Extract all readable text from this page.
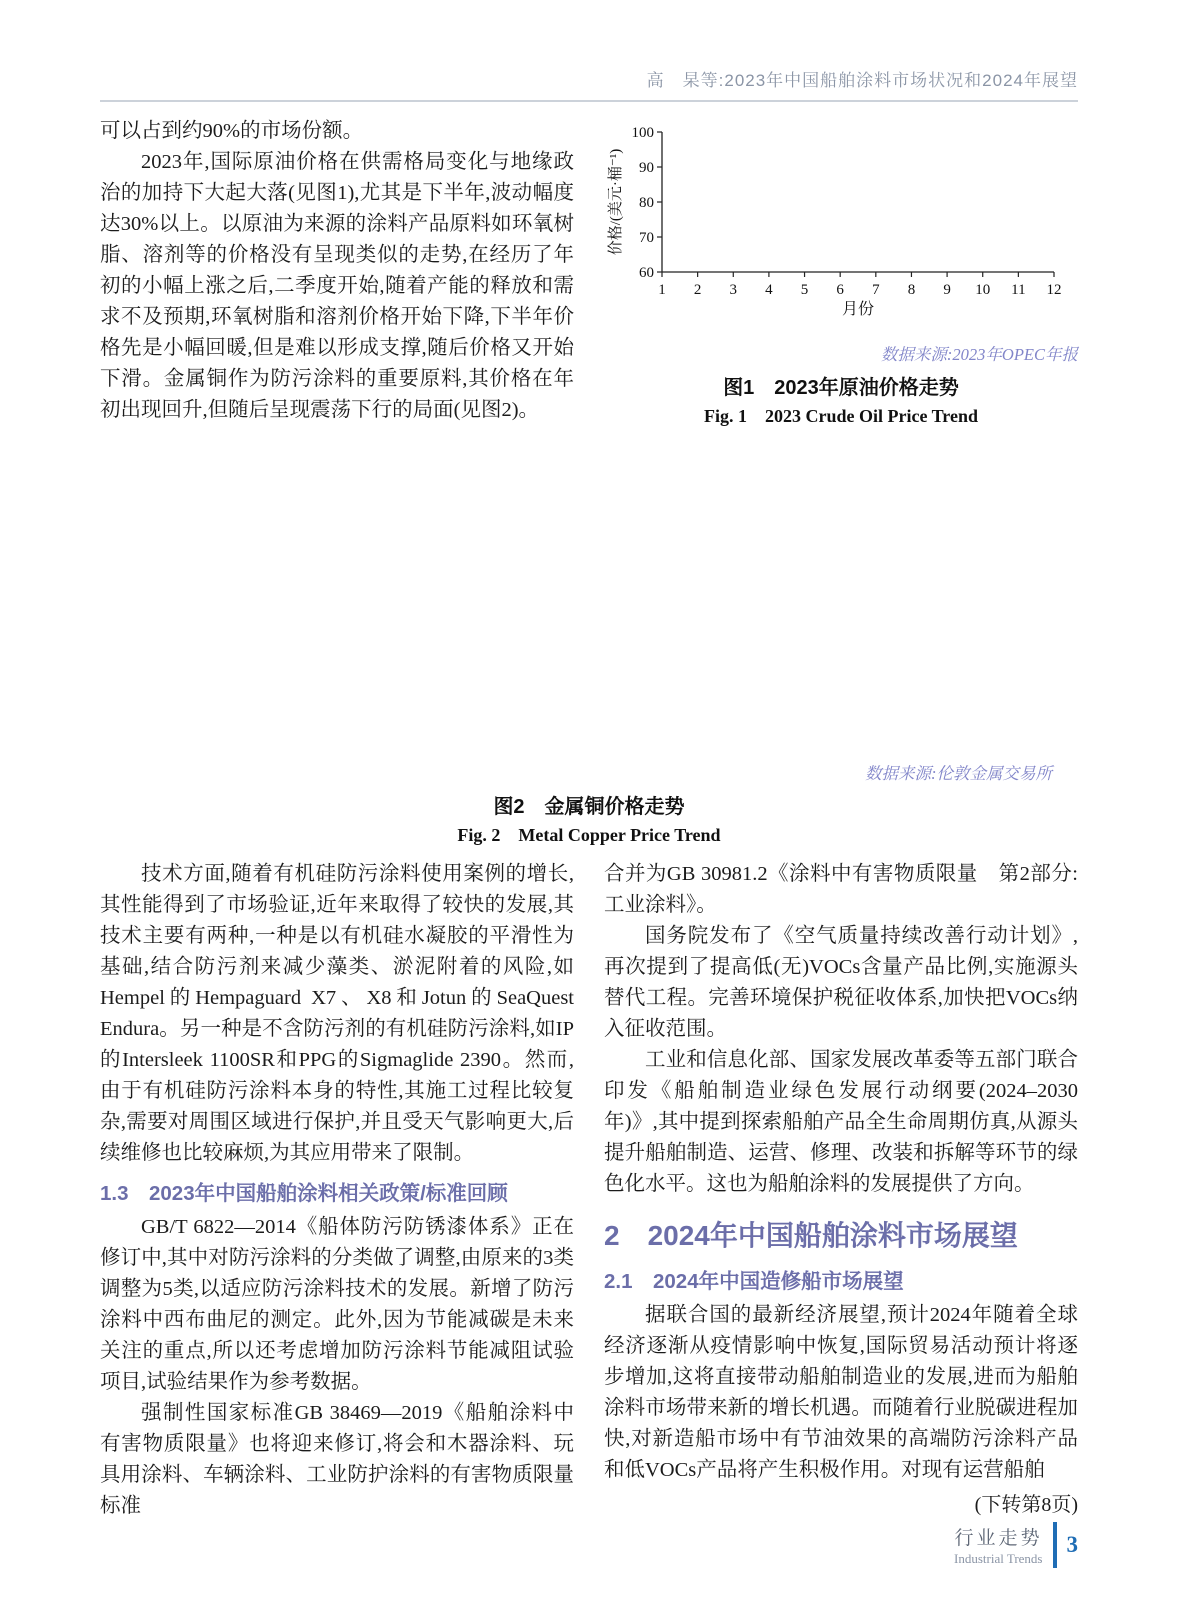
高　杲等:2023年中国船舶涂料市场状况和2024年展望

可以占到约90%的市场份额。

2023年,国际原油价格在供需格局变化与地缘政治的加持下大起大落(见图1),尤其是下半年,波动幅度达30%以上。以原油为来源的涂料产品原料如环氧树脂、溶剂等的价格没有呈现类似的走势,在经历了年初的小幅上涨之后,二季度开始,随着产能的释放和需求不及预期,环氧树脂和溶剂价格开始下降,下半年价格先是小幅回暖,但是难以形成支撑,随后价格又开始下滑。金属铜作为防污涂料的重要原料,其价格在年初出现回升,但随后呈现震荡下行的局面(见图2)。

60
70
80
90
100
1 2 3 4 5 6 7 8 9 10 11 12
月份
价格/(美元·桶⁻¹)
数据来源:2023年OPEC年报
图1　2023年原油价格走势
Fig. 1　2023 Crude Oil Price Trend
数据来源:伦敦金属交易所
图2　金属铜价格走势
Fig. 2　Metal Copper Price Trend

技术方面,随着有机硅防污涂料使用案例的增长,其性能得到了市场验证,近年来取得了较快的发展,其技术主要有两种,一种是以有机硅水凝胶的平滑性为基础,结合防污剂来减少藻类、淤泥附着的风险,如Hempel的Hempaguard X7、X8和Jotun的SeaQuest Endura。另一种是不含防污剂的有机硅防污涂料,如IP的Intersleek 1100SR和PPG的Sigmaglide 2390。然而,由于有机硅防污涂料本身的特性,其施工过程比较复杂,需要对周围区域进行保护,并且受天气影响更大,后续维修也比较麻烦,为其应用带来了限制。

1.3　2023年中国船舶涂料相关政策/标准回顾

GB/T 6822—2014《船体防污防锈漆体系》正在修订中,其中对防污涂料的分类做了调整,由原来的3类调整为5类,以适应防污涂料技术的发展。新增了防污涂料中西布曲尼的测定。此外,因为节能减碳是未来关注的重点,所以还考虑增加防污涂料节能减阻试验项目,试验结果作为参考数据。

强制性国家标准GB 38469—2019《船舶涂料中有害物质限量》也将迎来修订,将会和木器涂料、玩具用涂料、车辆涂料、工业防护涂料的有害物质限量标准

合并为GB 30981.2《涂料中有害物质限量　第2部分:工业涂料》。

国务院发布了《空气质量持续改善行动计划》,再次提到了提高低(无)VOCs含量产品比例,实施源头替代工程。完善环境保护税征收体系,加快把VOCs纳入征收范围。

工业和信息化部、国家发展改革委等五部门联合印发《船舶制造业绿色发展行动纲要(2024–2030年)》,其中提到探索船舶产品全生命周期仿真,从源头提升船舶制造、运营、修理、改装和拆解等环节的绿色化水平。这也为船舶涂料的发展提供了方向。

2　2024年中国船舶涂料市场展望
2.1　2024年中国造修船市场展望

据联合国的最新经济展望,预计2024年随着全球经济逐渐从疫情影响中恢复,国际贸易活动预计将逐步增加,这将直接带动船舶制造业的发展,进而为船舶涂料市场带来新的增长机遇。而随着行业脱碳进程加快,对新造船市场中有节油效果的高端防污涂料产品和低VOCs产品将产生积极作用。对现有运营船舶

(下转第8页)
行业走势
Industrial Trends
3
